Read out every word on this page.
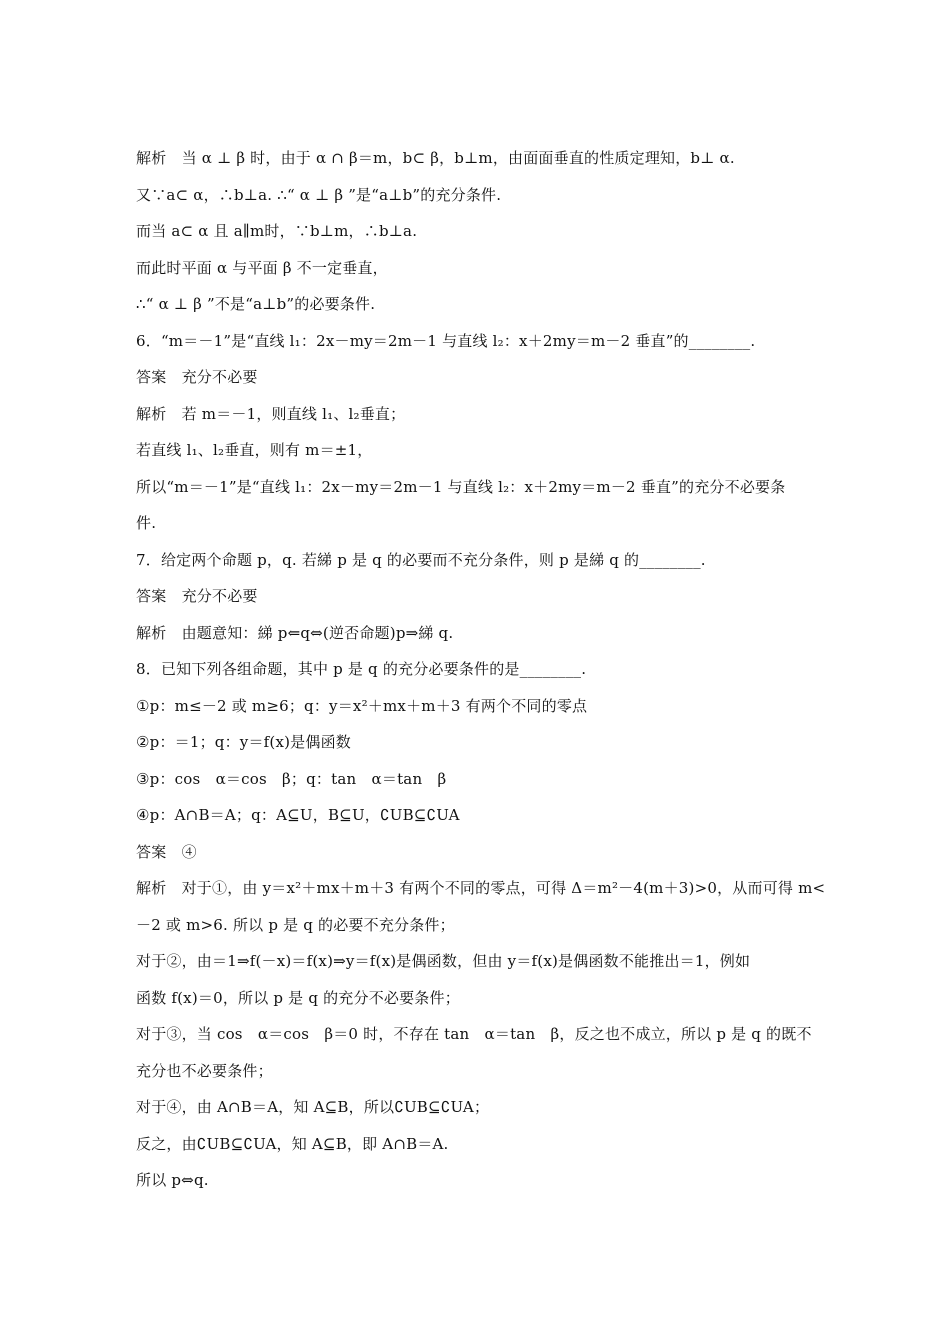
解析　当 α ⊥ β 时，由于 α ∩ β＝m，b⊂ β，b⊥m，由面面垂直的性质定理知，b⊥ α.
又∵a⊂ α，∴b⊥a. ∴“ α ⊥ β ”是“a⊥b”的充分条件.
而当 a⊂ α 且 a∥m时，∵b⊥m，∴b⊥a.
而此时平面 α 与平面 β 不一定垂直，
∴“ α ⊥ β ”不是“a⊥b”的必要条件.
6．“m＝－1”是“直线 l₁：2x－my＝2m－1 与直线 l₂：x＋2my＝m－2 垂直”的________.
答案　充分不必要
解析　若 m＝－1，则直线 l₁、l₂垂直；
若直线 l₁、l₂垂直，则有 m＝±1，
所以“m＝－1”是“直线 l₁：2x－my＝2m－1 与直线 l₂：x＋2my＝m－2 垂直”的充分不必要条
件.
7．给定两个命题 p，q. 若綈 p 是 q 的必要而不充分条件，则 p 是綈 q 的________.
答案　充分不必要
解析　由题意知：綈 p⇐q⇔(逆否命题)p⇒綈 q.
8．已知下列各组命题，其中 p 是 q 的充分必要条件的是________.
①p：m≤－2 或 m≥6；q：y＝x²＋mx＋m＋3 有两个不同的零点
②p：＝1；q：y＝f(x)是偶函数
③p：cos　α＝cos　β；q：tan　α＝tan　β
④p：A∩B＝A；q：A⊆U，B⊆U，∁UB⊆∁UA
答案　④
解析　对于①，由 y＝x²＋mx＋m＋3 有两个不同的零点，可得 Δ＝m²－4(m＋3)>0，从而可得 m<
－2 或 m>6. 所以 p 是 q 的必要不充分条件；
对于②，由＝1⇒f(－x)＝f(x)⇒y＝f(x)是偶函数，但由 y＝f(x)是偶函数不能推出＝1，例如
函数 f(x)＝0，所以 p 是 q 的充分不必要条件；
对于③，当 cos　α＝cos　β＝0 时，不存在 tan　α＝tan　β，反之也不成立，所以 p 是 q 的既不
充分也不必要条件；
对于④，由 A∩B＝A，知 A⊆B，所以∁UB⊆∁UA；
反之，由∁UB⊆∁UA，知 A⊆B，即 A∩B＝A.
所以 p⇔q.
